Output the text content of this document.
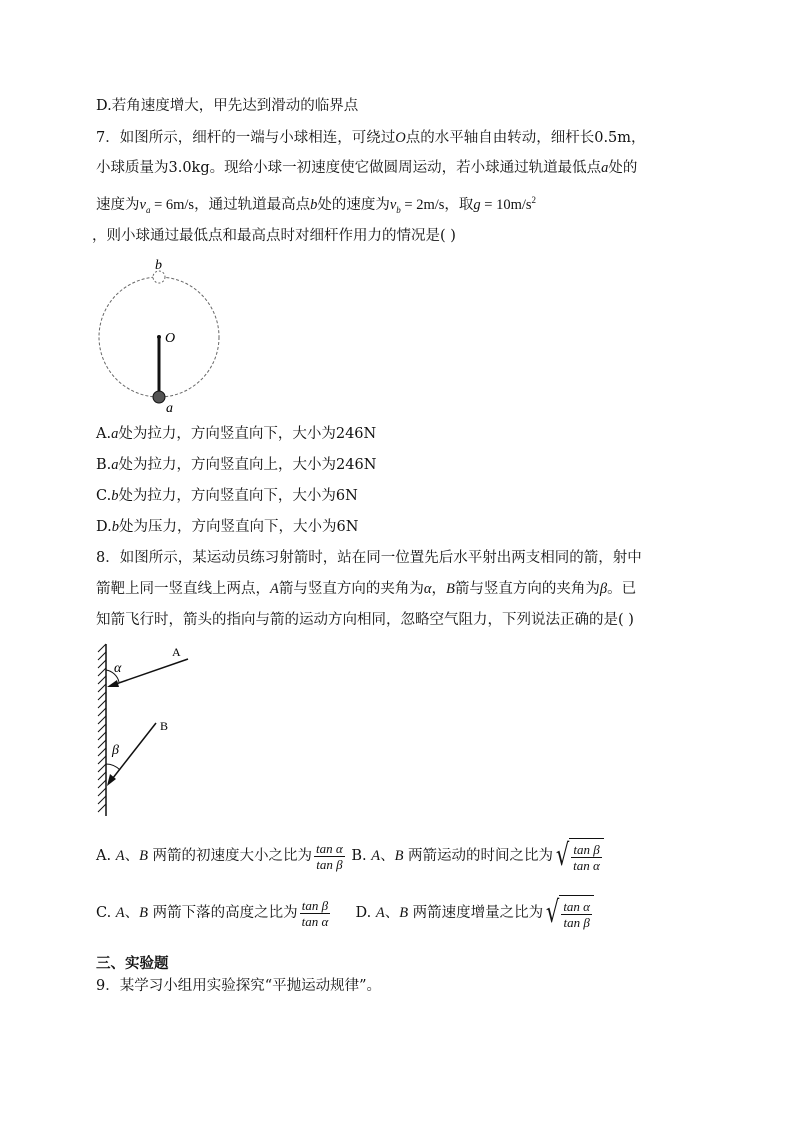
D.若角速度增大，甲先达到滑动的临界点
7．如图所示，细杆的一端与小球相连，可绕过O点的水平轴自由转动，细杆长0.5m，
小球质量为3.0kg。现给小球一初速度使它做圆周运动，若小球通过轨道最低点a处的
速度为$v_a = 6m/s$，通过轨道最高点b处的速度为$v_b = 2m/s$，取$g = 10m/s^2$
，则小球通过最低点和最高点时对细杆作用力的情况是( )
b
O
a
A.a处为拉力，方向竖直向下，大小为246N
B.a处为拉力，方向竖直向上，大小为246N
C.b处为拉力，方向竖直向下，大小为6N
D.b处为压力，方向竖直向下，大小为6N
8．如图所示，某运动员练习射箭时，站在同一位置先后水平射出两支相同的箭，射中
箭靶上同一竖直线上两点，A箭与竖直方向的夹角为α，B箭与竖直方向的夹角为β。已
知箭飞行时，箭头的指向与箭的运动方向相同，忽略空气阻力，下列说法正确的是( )
A
α
B
β
A. A、B 两箭的初速度大小之比为 $\frac{\text{tan α}}{\text{tan β}} B$. A、B 两箭运动的时间之比为 √ $\frac{\text{tan β}}{\text{tan α}}$
C. A、B 两箭下落的高度之比为 $\frac{\text{tan β}}{\text{tan α}} D$. A、B 两箭速度增量之比为 √ $\frac{\text{tan α}}{\text{tan β}}$
三、实验题
9．某学习小组用实验探究“平抛运动规律”。
